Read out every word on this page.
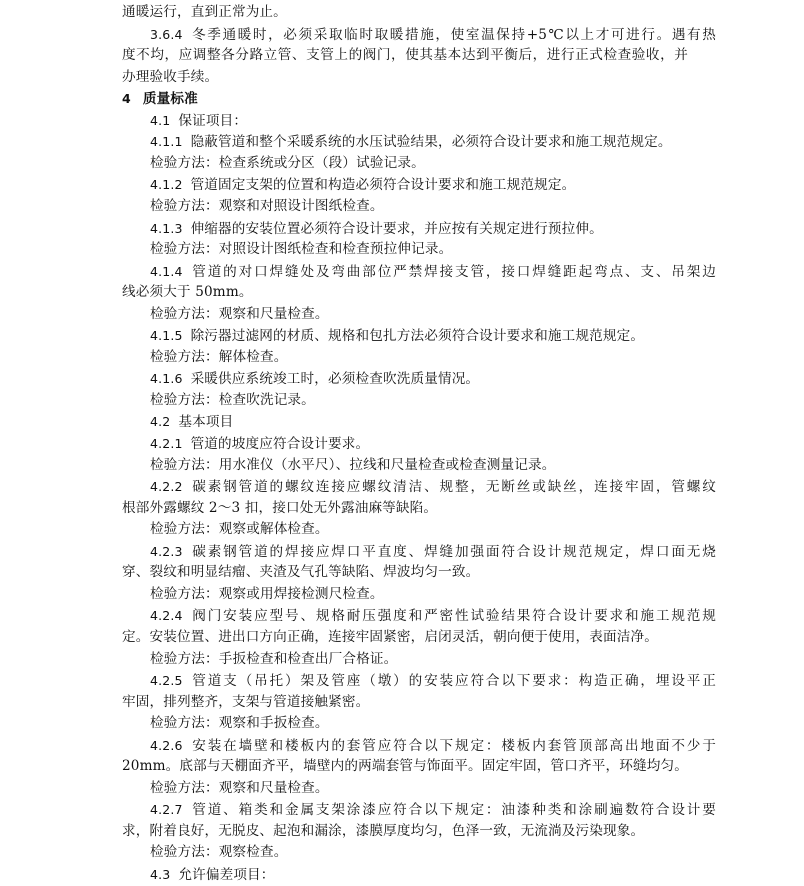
通暖运行，直到正常为止。
3.6.4 冬季通暖时，必须采取临时取暖措施，使室温保持+5℃以上才可进行。遇有热
度不均，应调整各分路立管、支管上的阀门，使其基本达到平衡后，进行正式检查验收，并
办理验收手续。
4 质量标准
4.1 保证项目：
4.1.1 隐蔽管道和整个采暖系统的水压试验结果，必须符合设计要求和施工规范规定。
检验方法：检查系统或分区（段）试验记录。
4.1.2 管道固定支架的位置和构造必须符合设计要求和施工规范规定。
检验方法：观察和对照设计图纸检查。
4.1.3 伸缩器的安装位置必须符合设计要求，并应按有关规定进行预拉伸。
检验方法：对照设计图纸检查和检查预拉伸记录。
4.1.4 管道的对口焊缝处及弯曲部位严禁焊接支管，接口焊缝距起弯点、支、吊架边
线必须大于 50mm。
检验方法：观察和尺量检查。
4.1.5 除污器过滤网的材质、规格和包扎方法必须符合设计要求和施工规范规定。
检验方法：解体检查。
4.1.6 采暖供应系统竣工时，必须检查吹洗质量情况。
检验方法：检查吹洗记录。
4.2 基本项目
4.2.1 管道的坡度应符合设计要求。
检验方法：用水准仪（水平尺）、拉线和尺量检查或检查测量记录。
4.2.2 碳素钢管道的螺纹连接应螺纹清洁、规整，无断丝或缺丝，连接牢固，管螺纹
根部外露螺纹 2～3 扣，接口处无外露油麻等缺陷。
检验方法：观察或解体检查。
4.2.3 碳素钢管道的焊接应焊口平直度、焊缝加强面符合设计规范规定，焊口面无烧
穿、裂纹和明显结瘤、夹渣及气孔等缺陷、焊波均匀一致。
检验方法：观察或用焊接检测尺检查。
4.2.4 阀门安装应型号、规格耐压强度和严密性试验结果符合设计要求和施工规范规
定。安装位置、进出口方向正确，连接牢固紧密，启闭灵活，朝向便于使用，表面洁净。
检验方法：手扳检查和检查出厂合格证。
4.2.5 管道支（吊托）架及管座（墩）的安装应符合以下要求：构造正确，埋设平正
牢固，排列整齐，支架与管道接触紧密。
检验方法：观察和手扳检查。
4.2.6 安装在墙壁和楼板内的套管应符合以下规定：楼板内套管顶部高出地面不少于
20mm。底部与天棚面齐平，墙壁内的两端套管与饰面平。固定牢固，管口齐平，环缝均匀。
检验方法：观察和尺量检查。
4.2.7 管道、箱类和金属支架涂漆应符合以下规定：油漆种类和涂刷遍数符合设计要
求，附着良好，无脱皮、起泡和漏涂，漆膜厚度均匀，色泽一致，无流淌及污染现象。
检验方法：观察检查。
4.3 允许偏差项目：
